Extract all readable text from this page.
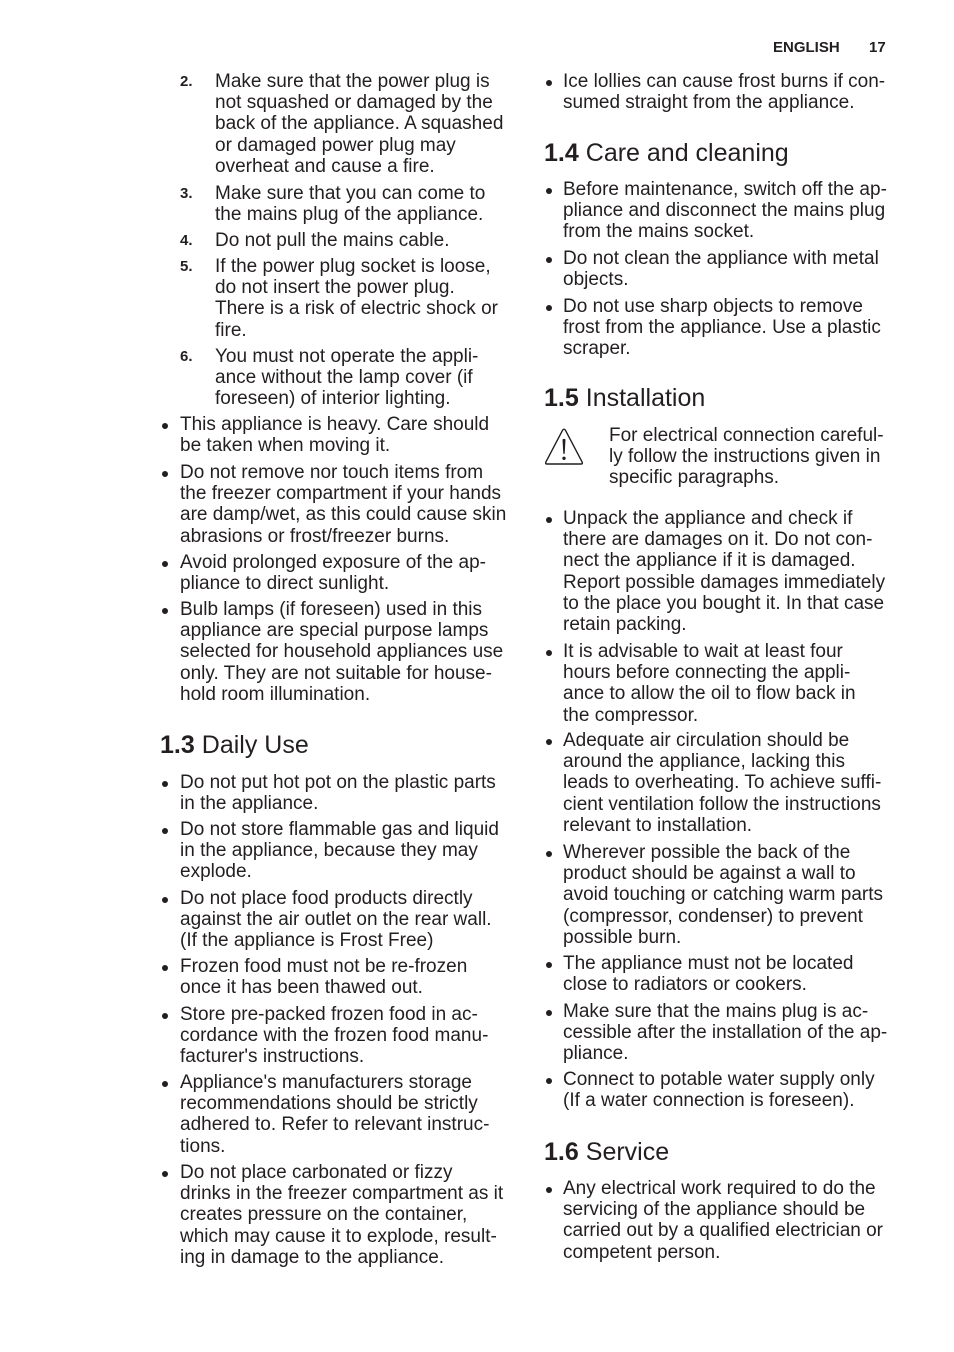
ENGLISH 17
2. Make sure that the power plug is
not squashed or damaged by the
back of the appliance. A squashed
or damaged power plug may
overheat and cause a fire.
3. Make sure that you can come to
the mains plug of the appliance.
4. Do not pull the mains cable.
5. If the power plug socket is loose,
do not insert the power plug.
There is a risk of electric shock or
fire.
6. You must not operate the appli-
ance without the lamp cover (if
foreseen) of interior lighting.
This appliance is heavy. Care should
be taken when moving it.
Do not remove nor touch items from
the freezer compartment if your hands
are damp/wet, as this could cause skin
abrasions or frost/freezer burns.
Avoid prolonged exposure of the ap-
pliance to direct sunlight.
Bulb lamps (if foreseen) used in this
appliance are special purpose lamps
selected for household appliances use
only. They are not suitable for house-
hold room illumination.
1.3 Daily Use
Do not put hot pot on the plastic parts
in the appliance.
Do not store flammable gas and liquid
in the appliance, because they may
explode.
Do not place food products directly
against the air outlet on the rear wall.
(If the appliance is Frost Free)
Frozen food must not be re-frozen
once it has been thawed out.
Store pre-packed frozen food in ac-
cordance with the frozen food manu-
facturer's instructions.
Appliance's manufacturers storage
recommendations should be strictly
adhered to. Refer to relevant instruc-
tions.
Do not place carbonated or fizzy
drinks in the freezer compartment as it
creates pressure on the container,
which may cause it to explode, result-
ing in damage to the appliance.
Ice lollies can cause frost burns if con-
sumed straight from the appliance.
1.4 Care and cleaning
Before maintenance, switch off the ap-
pliance and disconnect the mains plug
from the mains socket.
Do not clean the appliance with metal
objects.
Do not use sharp objects to remove
frost from the appliance. Use a plastic
scraper.
1.5 Installation
For electrical connection careful-
ly follow the instructions given in
specific paragraphs.
Unpack the appliance and check if
there are damages on it. Do not con-
nect the appliance if it is damaged.
Report possible damages immediately
to the place you bought it. In that case
retain packing.
It is advisable to wait at least four
hours before connecting the appli-
ance to allow the oil to flow back in
the compressor.
Adequate air circulation should be
around the appliance, lacking this
leads to overheating. To achieve suffi-
cient ventilation follow the instructions
relevant to installation.
Wherever possible the back of the
product should be against a wall to
avoid touching or catching warm parts
(compressor, condenser) to prevent
possible burn.
The appliance must not be located
close to radiators or cookers.
Make sure that the mains plug is ac-
cessible after the installation of the ap-
pliance.
Connect to potable water supply only
(If a water connection is foreseen).
1.6 Service
Any electrical work required to do the
servicing of the appliance should be
carried out by a qualified electrician or
competent person.
